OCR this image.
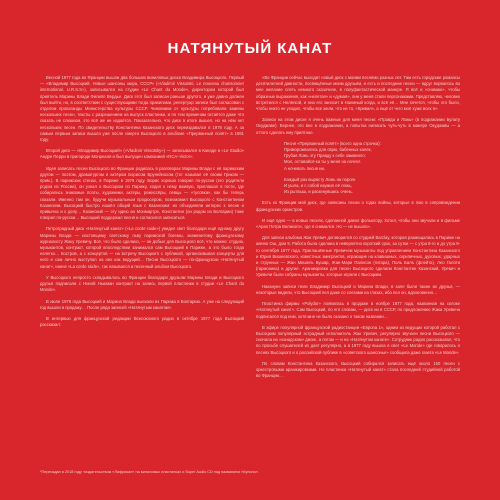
НАТЯНУТЫЙ КАНАТ

Весной 1977 года во Франции вышли два больших виниловых диска Владимира Высоцкого. Первый — «Владимир Высоцкий. Новые шансоны мира, СССР» («Vladimir Vissotski. Le nouveau chansonnier international. U.R.S.S»), записывался на студии «Le Chant du Monde», директором которой был приятель Марины Влади Филипп Вердье. Диск этот был записан раньше другого, и уже давно должен был выйти, но, в соответствии с существующими тогда правилами, репертуар записи был согласован с отделом пропаганды Министерства культуры СССР. Чиновники от культуры потребовали замены нескольких песен, тексты с разрешением на выпуск пластинки, и по тем временам остаётся даже что сказать не слишком, это всё же не издаётся. Показательно, что диск в итоге вышел, но на нём нет нескольких песен. По свидетельству Константина Казанского диск переиздавался в 1978 году. А за самым первым записи вышла уже после смерти Высоцкого в альбоме «Прерванный полёт» в 1981 году.

Второй диск — «Владимир Высоцкий» («Vladimir Vissotsky») — записывался в Канаде в «Le Studio» Андре Перри в пригороде Монреаля и был выпущен компанией «RCA–Victor».

Идея записать песни Высоцкого во Франции родилась в разговорах Марины Влади с её парижским другом — поэтом, драматургом и актёром Борисом Брунейнохом (тот называл её своим Гриком — прим.). В парижских стенах, в Париже в 1976 году. Борис хорошо говорил по-русски (его родители родом из России), он узнал о Высоцком по Парижу, ходил к нему вживую, приглашал в гости, где собирались знакомые поэты, художники, актеры, режиссёры, певцы — «тусовка», как бы теперь сказали. Именно там он, будучи музыкальным продюсером, познакомил Высоцкого с Константином Казанским. Высоцкий быстро нашёл общий язык с Казанским: их объединяли интерес к песне и привычка и к делу… Казанский — эту идею ан Монмартре, Константин (он родом из Болгарии) тоже говорил по-русски… Высоцкий поддержал песня и согласился записаться.

Петроградный диск «Натянутый канат» («La corde raide») увидел свет благодаря ещё одному другу Марины Влади — настоящему светскому льву парижской богемы, знаменитому французскому журналисту Жаку Уревичу. Всё, что было сделано, — он добыл для Высоцкого всё, что можно: студию, музыкантов, контракт, которой впоследствии занимался сам Высоцкий в Париже, а это было тогда нелегко… Костров, а с концертов — на встречу Высоцкого с публикой, организовывая концерты для него и сам лично выступал на них как ведущий… Песни Высоцкого — по-французски «Натянутый канат», иначе «La corde raide», так назывался и песенный альбом Высоцкого.

У Высоцкого непросто складывалось во Франции благодаря друзьям Марины Влади и Высоцкого друзья подписали с Ниной Ньюман контракт на запись первой пластинки в студии «Le Chant du Monde».

В июле 1976 года Высоцкий и Марина Влади выехали из Парижа в Болгарию. А уже на следующий год вышли в продажу… После ряда записей «Натянутым канатом».

В интервью для французской редакции Всесоюзного радио в октябре 1977 года Высоцкий рассказал:

«Во Франции сейчас выходит новый диск с моими песнями разных лет. Там есть городские романсы десятилетней давности, посвящённые моим друзьям, и есть и последние песни — вдруг ворвалось во мне желание спеть немного сказочное, в полуфантастической манере. Я всё и «снимаю», чтобы образные выражения, как «нелетая» и «думая», они у меня стали персонажами. Представляю, человек встретился с Нелёгкой, и она его заносит в Наемный когда, и всё её… Мне хочется, чтобы это было, чтобы никто не уходил, чтобы все жили, что не то, «Кривая», а ещё от чего моё хуже всех я».

Записи на этом диске я очень важные для меня песни: «Правда и Ложь» (в подражании Булату Окуджаве). Вернее, это вне в подражании, а попытка написать чуть-чуть в манере Окуджавы — а оттого сделать ему приятное.

Песня «Прерванный полёт» (всего одна строчка):
Приморожвались для сврю, бабенных калек,
Грубая Ложь эту Правду к себе заманило:
Мол, оставайся-ка ты у меня на ночлег.
А ночевать песня ни.

Каждый раз вырасту Ложь на пороге
И ушла, и с собой изумил её ложь,
Из рытвыш, и раскинувшись очень.

Есть ко Франции мой диск, где записаны песни о годах войны, которые в пою в сопровождении французских оркестров.

И ещё одно — в новых песнях, сделанной давно фольклору. Хотел, чтобы они звучали и в фильме «Арап Петра Великого», где я снимался. Но — не вышло».

Для записи альбома Жак Уревич договорился со студией Barclay, которая размещалась в Париже на авеню Ош, дом 9. Работа была сделана в невероятно короткий срок, за сутки — с утра 8-го и до утра 9-го сентября 1977 года. Приглашённые Уревичем музыканты под управлением Константина Казанского и Юрия Вишневского, известных эмигрантов, играющие на клавишных, скрипичных, духовых, ударных и струнных — Жан Мишель Бушар, Жан-Мари Палисон (гитара), Поль Балъ (флейта), Лео Галоти (гармоника) и другие. Аранжировки для песен Высоцкого сделали Константин Казанский, Уревич и Уревичи были собраны музыканты, которые играли с Высоцким.

Накануне записи пели Владимир Высоцкий и Марина Влади, в зале были также их друзья, — некоторые видели, что Высоцкий пел даже со слезами на глазах, ибо пел он, вдохновенно…

Пластинка фирмы «Polydor» появилась в продаже в ноябре 1977 года, названная на склоке «Натянутый канат». Сам Высоцкий, по его словам, — диск ни в СССР, по предложению Жака Уревича подписался под ним, хотя мне не было сказано о таком названии…

В эфире популярной французской радиостанции «Европа 1», одним из ведущих которой работал с Высоцким популярный эстрадный исполнитель Жак Уревич, регулярно звучали песни Высоцкого — сначала на «канадском» диске, а потом — и на «Натянутом канате». Сотрудник радио рассказывал, что по просьбе слушателей их дает регулярно, а в 1977 году вышла в свет «Le Monde» где говорилось о песнях Высоцкого и о российской публике в «советского шансонье» сообщила даже газета «Le Monde».

По словам Константина Казанского, Высоцкий собирался записать ещё около 150 песен с оркестровыми аранжировками. Но пластинка «Натянутый канат» стала последней студийной работой во Франции…

*Переиздан в 2018 году «издательством «Лифрикан» на виниловых пластинках и Super Audio CD под названием «Купола».
